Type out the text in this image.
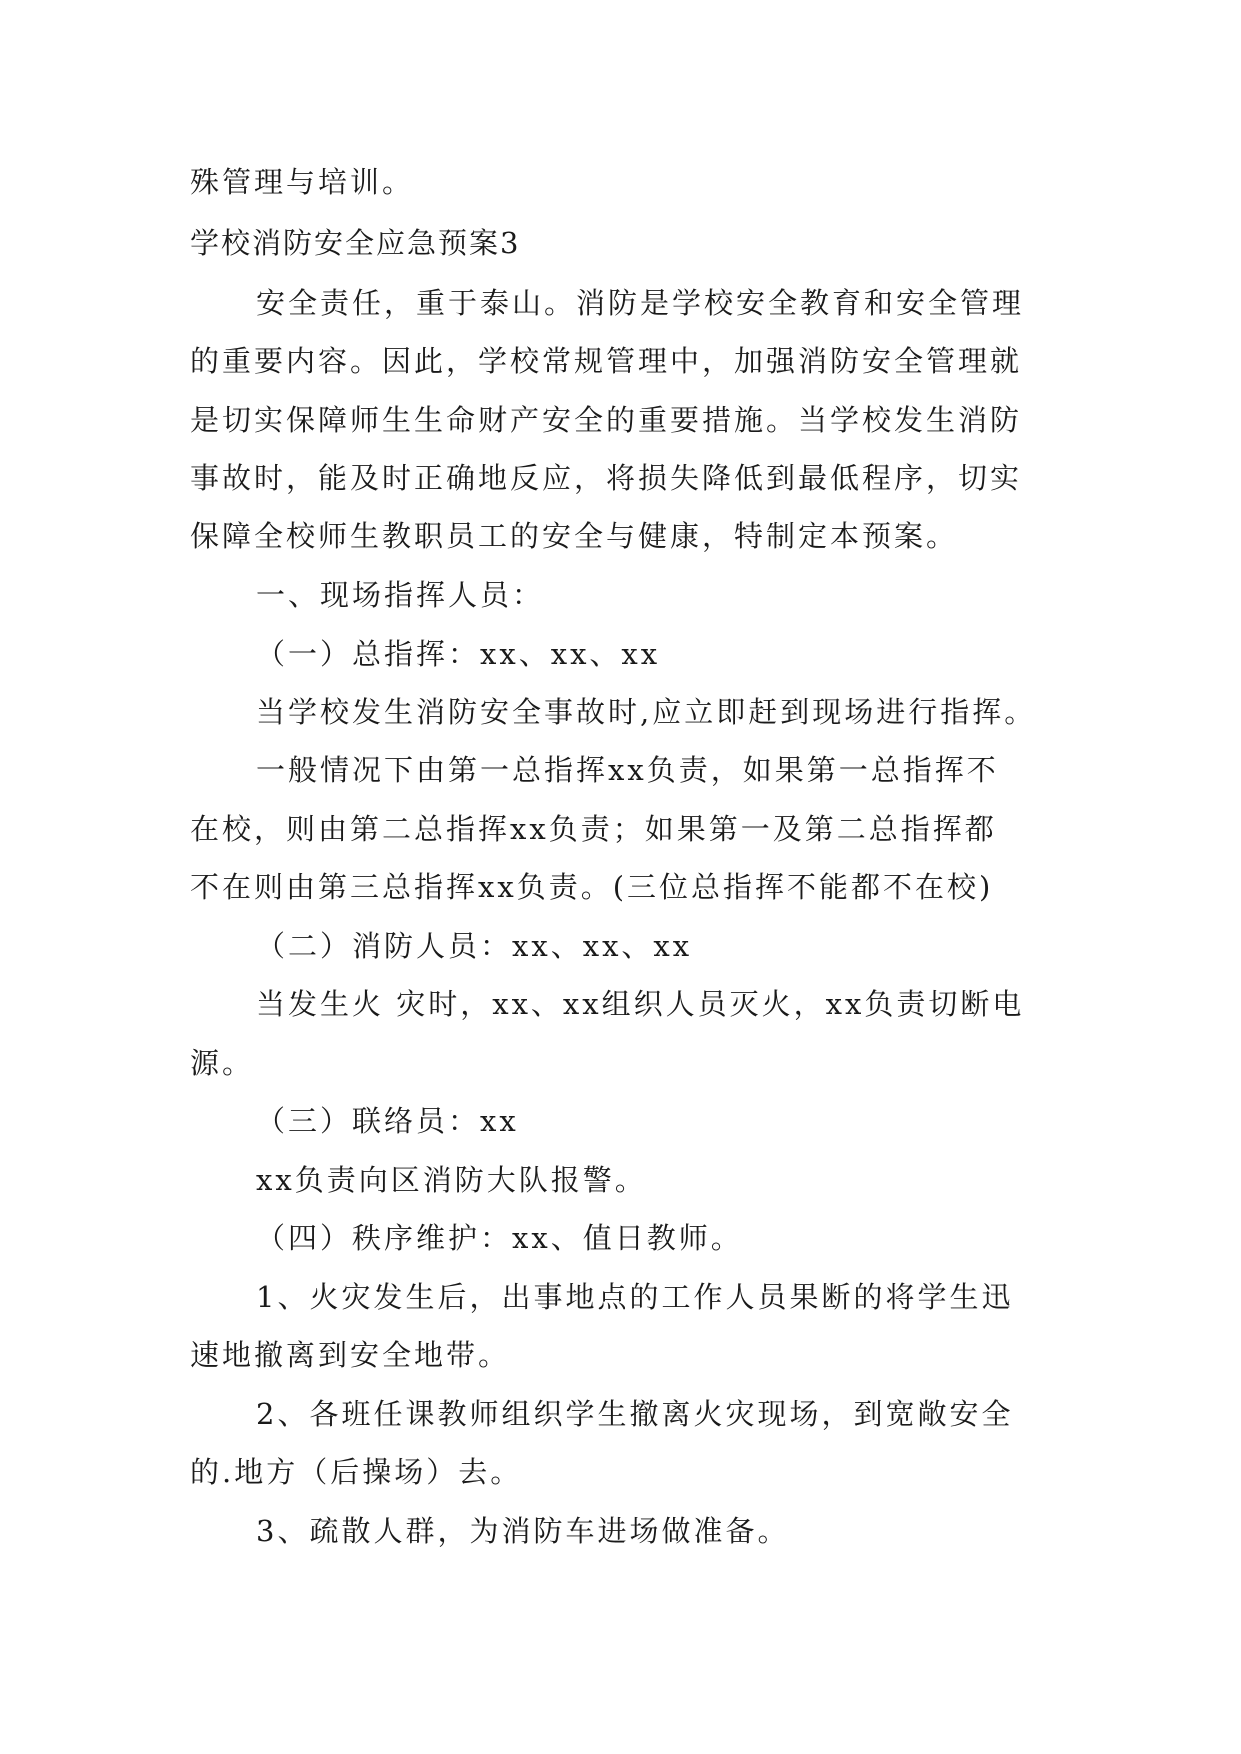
殊管理与培训。
学校消防安全应急预案3
安全责任，重于泰山。消防是学校安全教育和安全管理
的重要内容。因此，学校常规管理中，加强消防安全管理就
是切实保障师生生命财产安全的重要措施。当学校发生消防
事故时，能及时正确地反应，将损失降低到最低程序，切实
保障全校师生教职员工的安全与健康，特制定本预案。
一、现场指挥人员：
（一）总指挥：xx、xx、xx
当学校发生消防安全事故时,应立即赶到现场进行指挥。
一般情况下由第一总指挥xx负责，如果第一总指挥不
在校，则由第二总指挥xx负责；如果第一及第二总指挥都
不在则由第三总指挥xx负责。(三位总指挥不能都不在校)
（二）消防人员：xx、xx、xx
当发生火 灾时，xx、xx组织人员灭火，xx负责切断电
源。
（三）联络员：xx
xx负责向区消防大队报警。
（四）秩序维护：xx、值日教师。
1、火灾发生后，出事地点的工作人员果断的将学生迅
速地撤离到安全地带。
2、各班任课教师组织学生撤离火灾现场，到宽敞安全
的.地方（后操场）去。
3、疏散人群，为消防车进场做准备。
